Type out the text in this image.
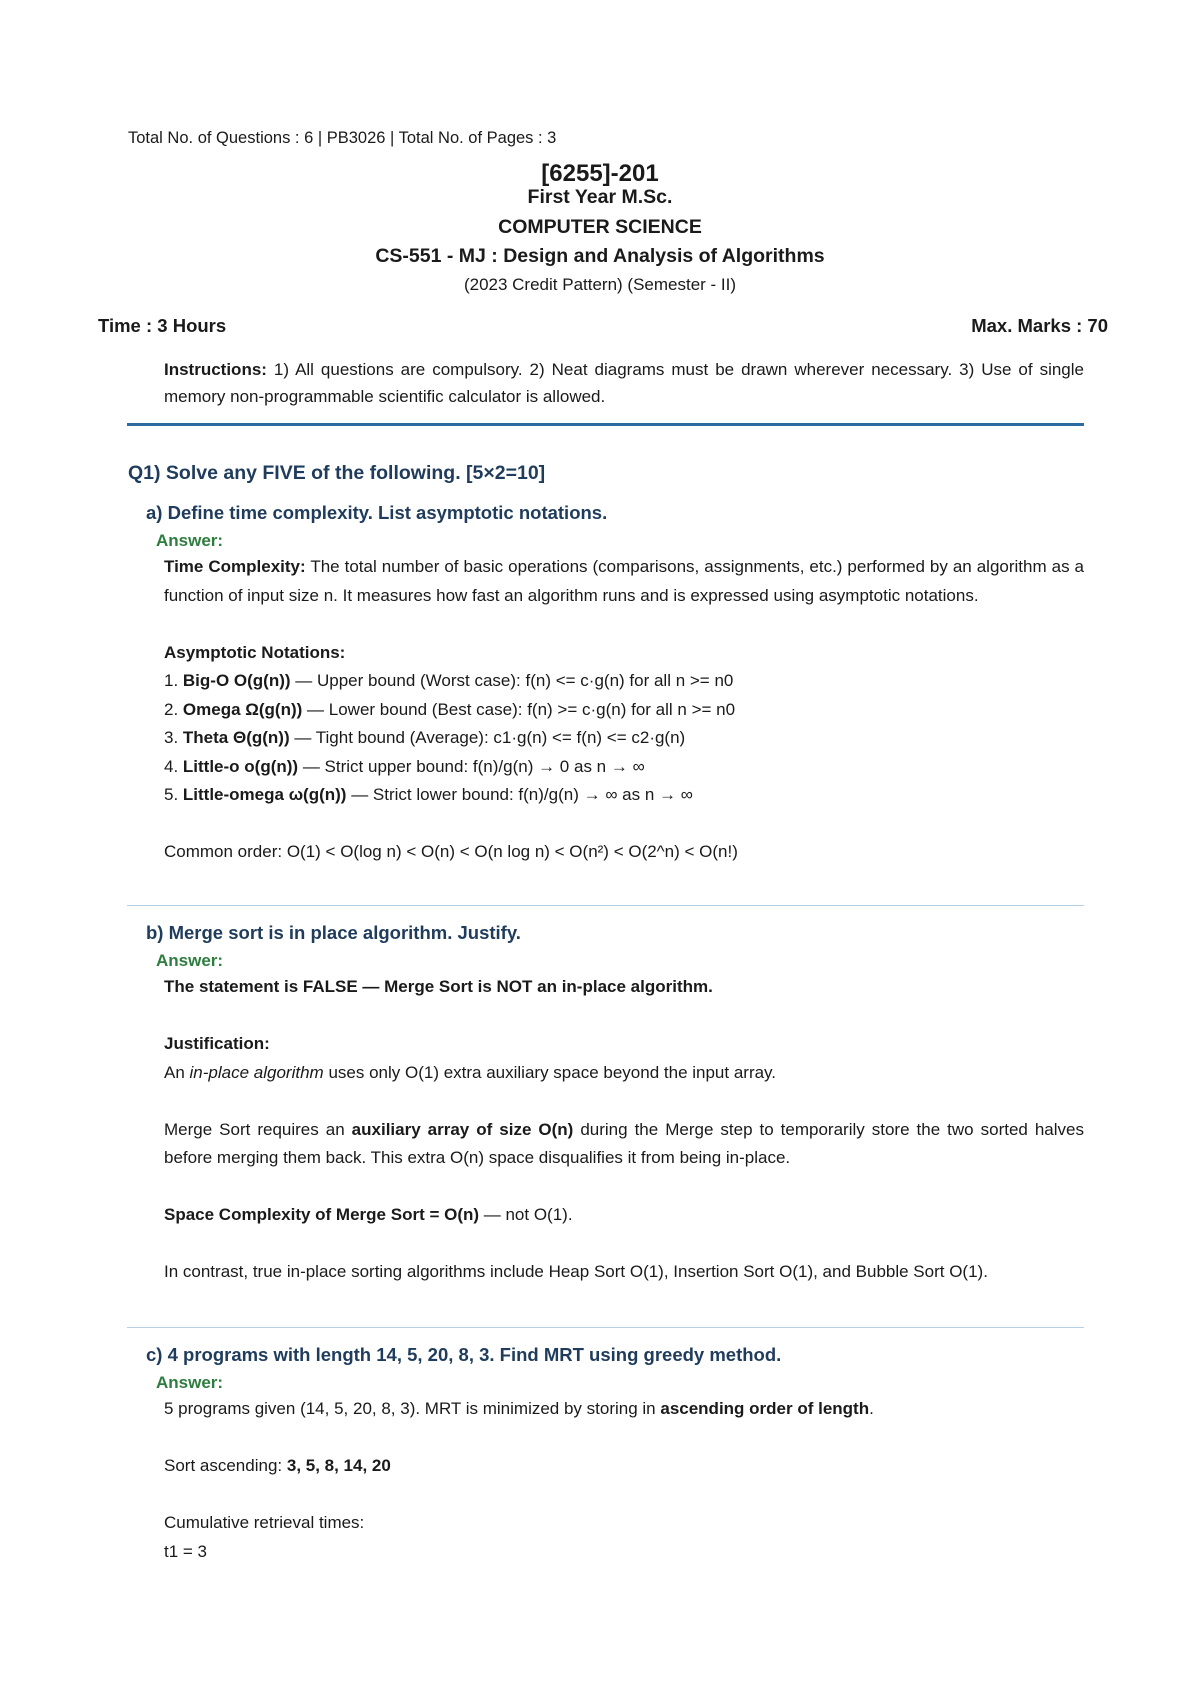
Total No. of Questions : 6 | PB3026 | Total No. of Pages : 3
[6255]-201
First Year M.Sc.
COMPUTER SCIENCE
CS-551 - MJ : Design and Analysis of Algorithms
(2023 Credit Pattern) (Semester - II)
Time : 3 Hours	Max. Marks : 70
Instructions: 1) All questions are compulsory. 2) Neat diagrams must be drawn wherever necessary. 3) Use of single memory non-programmable scientific calculator is allowed.
Q1) Solve any FIVE of the following. [5×2=10]
a) Define time complexity. List asymptotic notations.
Answer:

Time Complexity: The total number of basic operations (comparisons, assignments, etc.) performed by an algorithm as a function of input size n. It measures how fast an algorithm runs and is expressed using asymptotic notations.

Asymptotic Notations:

1. Big-O O(g(n)) — Upper bound (Worst case): f(n) <= c·g(n) for all n >= n0

2. Omega Ω(g(n)) — Lower bound (Best case): f(n) >= c·g(n) for all n >= n0

3. Theta Θ(g(n)) — Tight bound (Average): c1·g(n) <= f(n) <= c2·g(n)

4. Little-o o(g(n)) — Strict upper bound: f(n)/g(n) → 0 as n → ∞

5. Little-omega ω(g(n)) — Strict lower bound: f(n)/g(n) → ∞ as n → ∞

Common order: O(1) < O(log n) < O(n) < O(n log n) < O(n²) < O(2^n) < O(n!)

b) Merge sort is in place algorithm. Justify.
Answer:

The statement is FALSE — Merge Sort is NOT an in-place algorithm.

Justification:

An in-place algorithm uses only O(1) extra auxiliary space beyond the input array.

Merge Sort requires an auxiliary array of size O(n) during the Merge step to temporarily store the two sorted halves before merging them back. This extra O(n) space disqualifies it from being in-place.

Space Complexity of Merge Sort = O(n) — not O(1).

In contrast, true in-place sorting algorithms include Heap Sort O(1), Insertion Sort O(1), and Bubble Sort O(1).

c) 4 programs with length 14, 5, 20, 8, 3. Find MRT using greedy method.
Answer:

5 programs given (14, 5, 20, 8, 3). MRT is minimized by storing in ascending order of length.

Sort ascending: 3, 5, 8, 14, 20

Cumulative retrieval times:

t1 = 3
